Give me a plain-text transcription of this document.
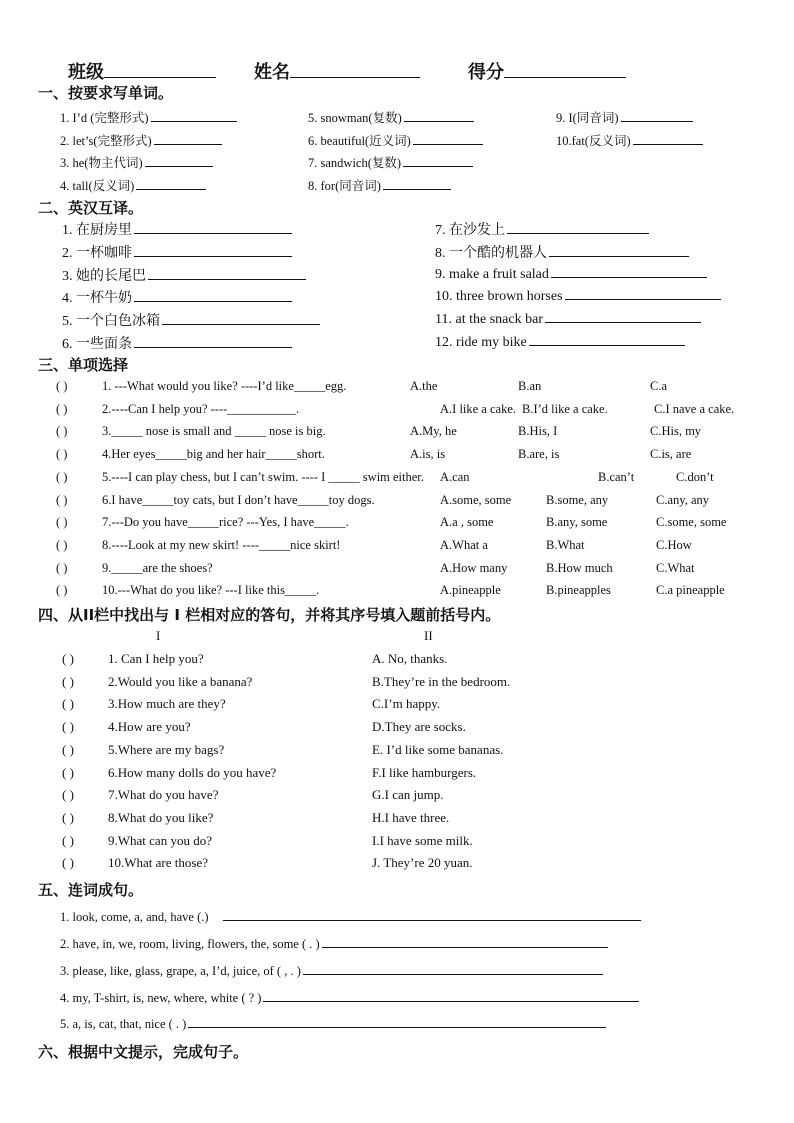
班级	姓名	得分
一、按要求写单词。
1. I’d (完整形式)	5. snowman(复数)	9. I(同音词)
2. let’s(完整形式)	6. beautiful(近义词)	10.fat(反义词)
3. he(物主代词)	7. sandwich(复数)
4. tall(反义词)	8. for(同音词)
二、英汉互译。
1. 在厨房里
2. 一杯咖啡
3. 她的长尾巴
4. 一杯牛奶
5. 一个白色冰箱
6. 一些面条
7. 在沙发上
8. 一个酷的机器人
9. make a fruit salad
10. three brown horses
11. at the snack bar
12. ride my bike
三、单项选择
( )	1. ---What would you like? ----I’d like_____egg.	A.the	B.an	C.a
( )	2.----Can I help you? ----___________.	A.I like a cake. B.I’d like a cake.	C.I nave a cake.
( )	3._____ nose is small and _____ nose is big.	A.My, he	B.His, I	C.His, my
( )	4.Her eyes_____big and her hair_____short.	A.is, is	B.are, is	C.is, are
( )	5.----I can play chess, but I can’t swim. ---- I _____ swim either. A.can	B.can’t	C.don’t
( )	6.I have_____toy cats, but I don’t have_____toy dogs.	A.some, some	B.some, any	C.any, any
( )	7.---Do you have_____rice? ---Yes, I have_____.	A.a , some	B.any, some	C.some, some
( )	8.----Look at my new skirt! ----_____nice skirt!	A.What a	B.What	C.How
( )	9._____are the shoes?	A.How many	B.How much	C.What
( )	10.---What do you like? ---I like this_____.	A.pineapple	B.pineapples	C.a pineapple
四、从II栏中找出与 I 栏相对应的答句，并将其序号填入题前括号内。
I	II
( )	1. Can I help you?	A. No, thanks.
( )	2.Would you like a banana?	B.They’re in the bedroom.
( )	3.How much are they?	C.I’m happy.
( )	4.How are you?	D.They are socks.
( )	5.Where are my bags?	E. I’d like some bananas.
( )	6.How many dolls do you have?	F.I like hamburgers.
( )	7.What do you have?	G.I can jump.
( )	8.What do you like?	H.I have three.
( )	9.What can you do?	I.I have some milk.
( )	10.What are those?	J. They’re 20 yuan.
五、连词成句。
1. look, come, a, and, have (.)
2. have, in, we, room, living, flowers, the, some ( . )
3. please, like, glass, grape, a, I’d, juice, of ( , . )
4. my, T-shirt, is, new, where, white ( ? )
5. a, is, cat, that, nice ( . )
六、根据中文提示，完成句子。
